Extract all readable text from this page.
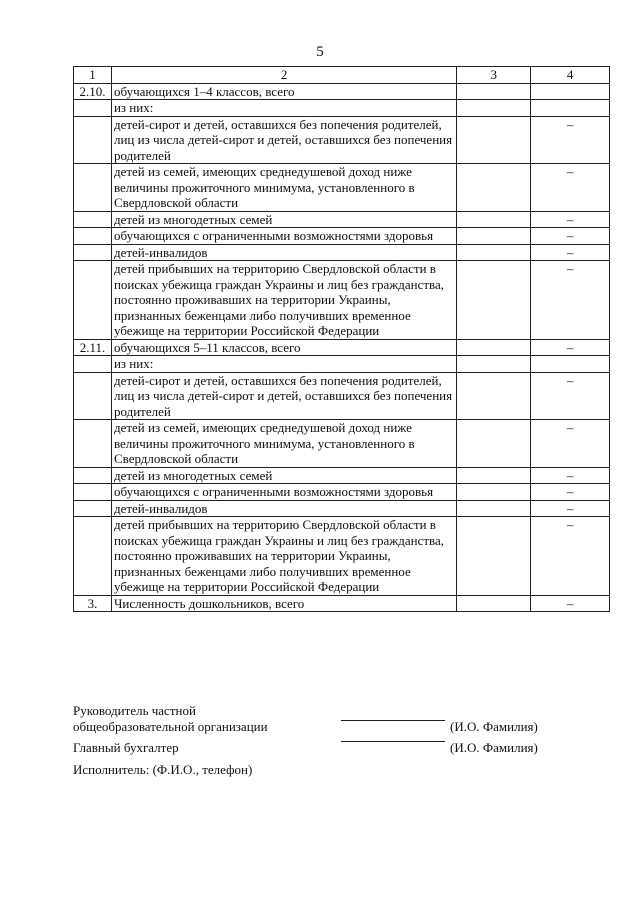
5
1	2	3	4
2.10.	обучающихся 1–4 классов, всего		
	из них:		
	детей-сирот и детей, оставшихся без попечения родителей, лиц из числа детей-сирот и детей, оставшихся без попечения родителей		–
	детей из семей, имеющих среднедушевой доход ниже величины прожиточного минимума, установленного в Свердловской области		–
	детей из многодетных семей		–
	обучающихся с ограниченными возможностями здоровья		–
	детей-инвалидов		–
	детей прибывших на территорию Свердловской области в поисках убежища граждан Украины и лиц без гражданства, постоянно проживавших на территории Украины, признанных беженцами либо получивших временное убежище на территории Российской Федерации		–
2.11.	обучающихся 5–11 классов, всего		–
	из них:		
	детей-сирот и детей, оставшихся без попечения родителей, лиц из числа детей-сирот и детей, оставшихся без попечения родителей		–
	детей из семей, имеющих среднедушевой доход ниже величины прожиточного минимума, установленного в Свердловской области		–
	детей из многодетных семей		–
	обучающихся с ограниченными возможностями здоровья		–
	детей-инвалидов		–
	детей прибывших на территорию Свердловской области в поисках убежища граждан Украины и лиц без гражданства, постоянно проживавших на территории Украины, признанных беженцами либо получивших временное убежище на территории Российской Федерации		–
3.	Численность дошкольников, всего		–
Руководитель частной
общеобразовательной организации	(И.О. Фамилия)
Главный бухгалтер	(И.О. Фамилия)
Исполнитель: (Ф.И.О., телефон)
